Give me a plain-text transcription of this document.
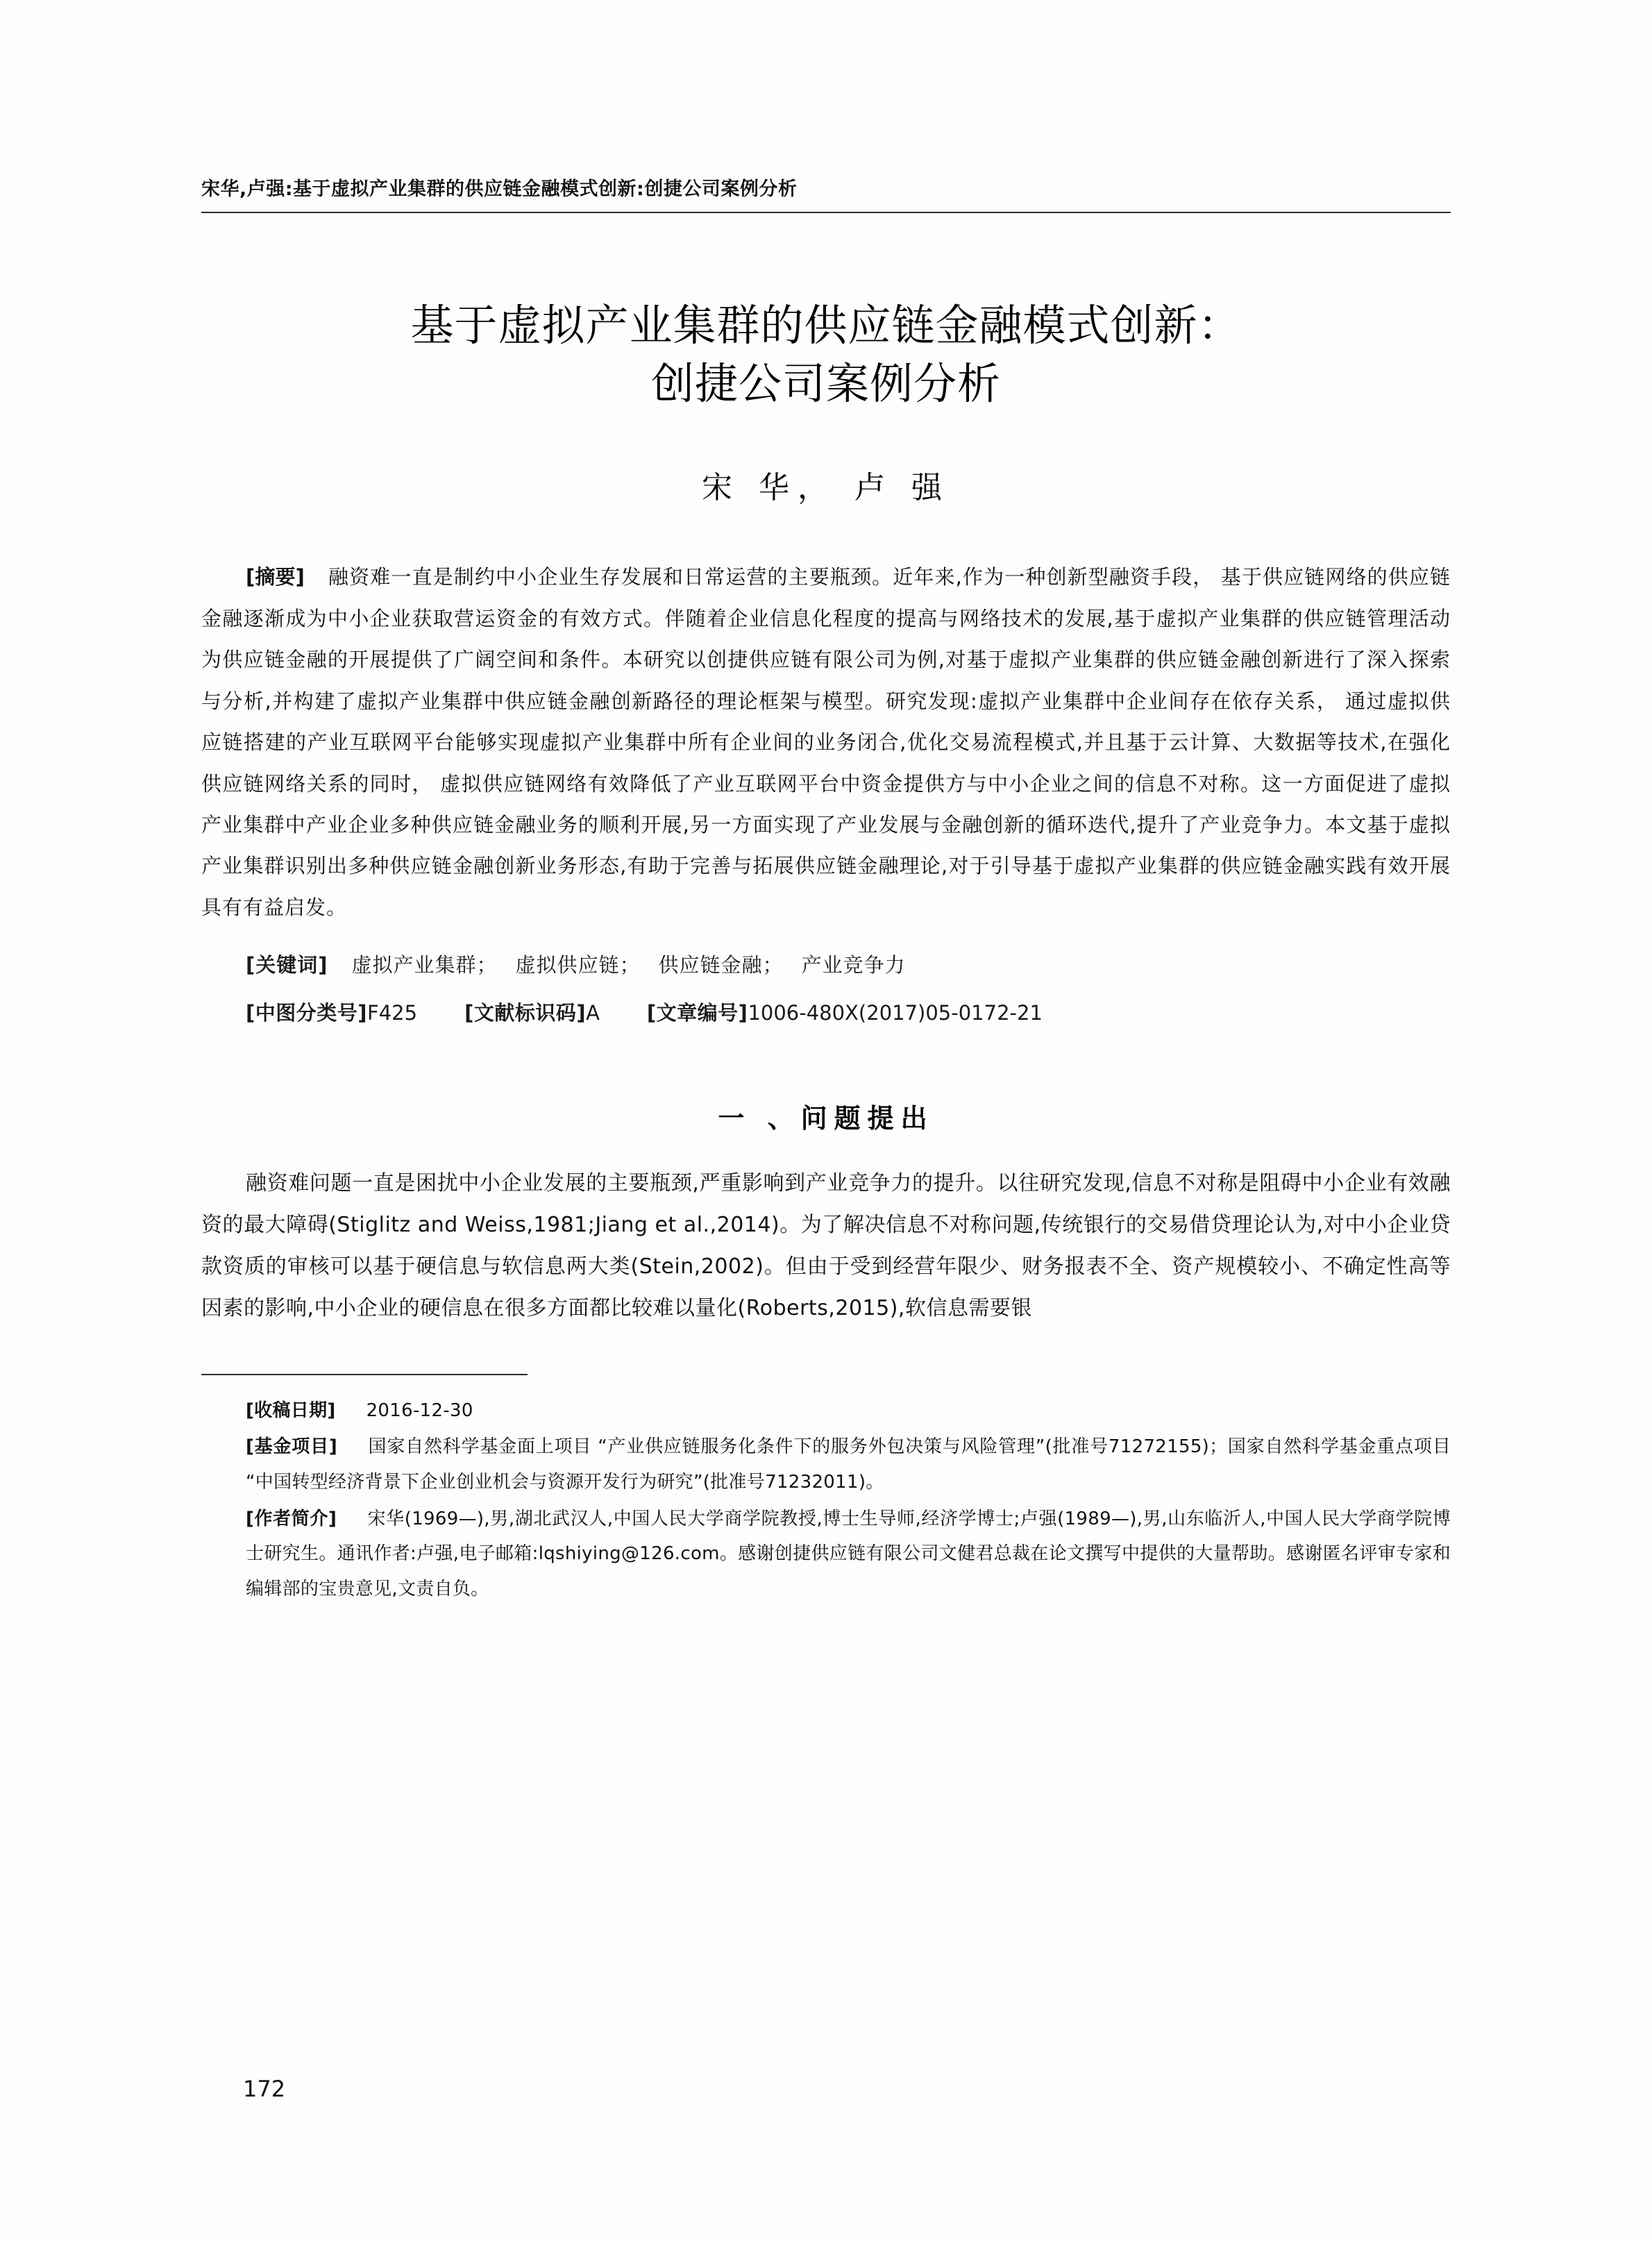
宋华,卢强:基于虚拟产业集群的供应链金融模式创新:创捷公司案例分析
基于虚拟产业集群的供应链金融模式创新：
创捷公司案例分析
宋 华， 卢 强

[摘要] 融资难一直是制约中小企业生存发展和日常运营的主要瓶颈。近年来,作为一种创新型融资手段， 基于供应链网络的供应链金融逐渐成为中小企业获取营运资金的有效方式。伴随着企业信息化程度的提高与网络技术的发展,基于虚拟产业集群的供应链管理活动为供应链金融的开展提供了广阔空间和条件。本研究以创捷供应链有限公司为例,对基于虚拟产业集群的供应链金融创新进行了深入探索与分析,并构建了虚拟产业集群中供应链金融创新路径的理论框架与模型。研究发现:虚拟产业集群中企业间存在依存关系， 通过虚拟供应链搭建的产业互联网平台能够实现虚拟产业集群中所有企业间的业务闭合,优化交易流程模式,并且基于云计算、大数据等技术,在强化供应链网络关系的同时， 虚拟供应链网络有效降低了产业互联网平台中资金提供方与中小企业之间的信息不对称。这一方面促进了虚拟产业集群中产业企业多种供应链金融业务的顺利开展,另一方面实现了产业发展与金融创新的循环迭代,提升了产业竞争力。本文基于虚拟产业集群识别出多种供应链金融创新业务形态,有助于完善与拓展供应链金融理论,对于引导基于虚拟产业集群的供应链金融实践有效开展具有有益启发。

[关键词] 虚拟产业集群； 虚拟供应链； 供应链金融； 产业竞争力
[中图分类号]F425 [文献标识码]A [文章编号]1006-480X(2017)05-0172-21
一 、问题提出
融资难问题一直是困扰中小企业发展的主要瓶颈,严重影响到产业竞争力的提升。以往研究发现,信息不对称是阻碍中小企业有效融资的最大障碍(Stiglitz and Weiss,1981;Jiang et al.,2014)。为了解决信息不对称问题,传统银行的交易借贷理论认为,对中小企业贷款资质的审核可以基于硬信息与软信息两大类(Stein,2002)。但由于受到经营年限少、财务报表不全、资产规模较小、不确定性高等因素的影响,中小企业的硬信息在很多方面都比较难以量化(Roberts,2015),软信息需要银
[收稿日期] 2016-12-30
[基金项目] 国家自然科学基金面上项目 “产业供应链服务化条件下的服务外包决策与风险管理”(批准号71272155)；国家自然科学基金重点项目 “中国转型经济背景下企业创业机会与资源开发行为研究”(批准号71232011)。
[作者简介] 宋华(1969—),男,湖北武汉人,中国人民大学商学院教授,博士生导师,经济学博士;卢强(1989—),男,山东临沂人,中国人民大学商学院博士研究生。通讯作者:卢强,电子邮箱:lqshiying@126.com。感谢创捷供应链有限公司文健君总裁在论文撰写中提供的大量帮助。感谢匿名评审专家和编辑部的宝贵意见,文责自负。
172
